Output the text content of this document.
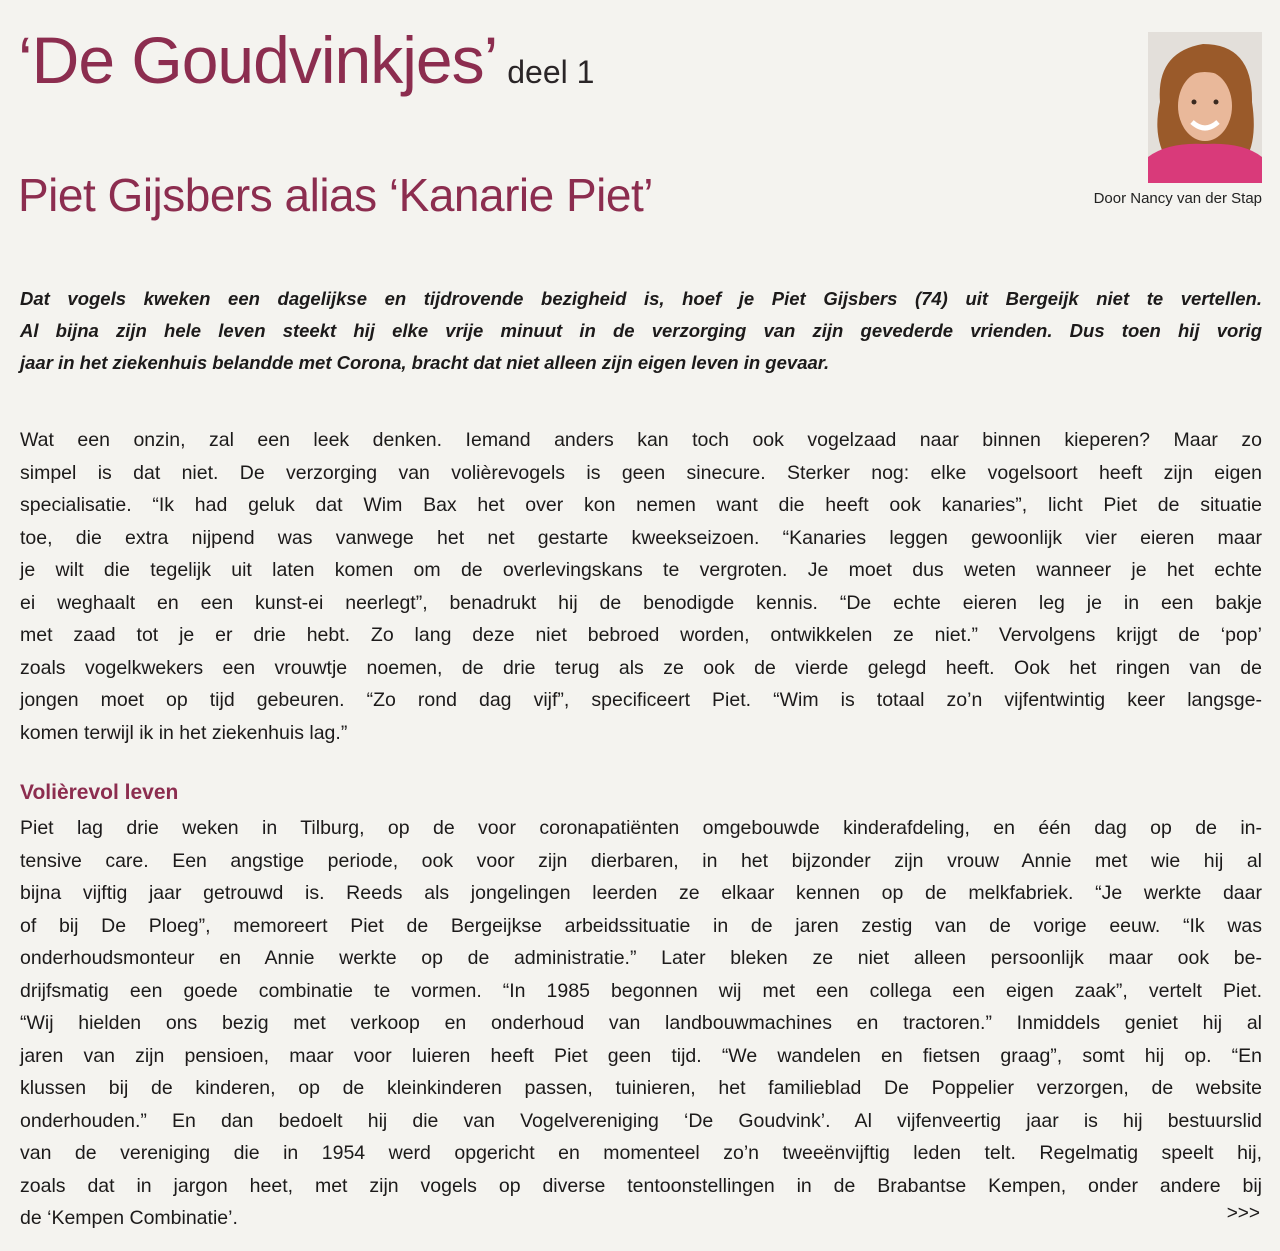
‘De Goudvinkjes’ deel 1
Piet Gijsbers alias ‘Kanarie Piet’	Door Nancy van der Stap
Dat vogels kweken een dagelijkse en tijdrovende bezigheid is, hoef je Piet Gijsbers (74) uit Bergeijk niet te vertellen.
Al bijna zijn hele leven steekt hij elke vrije minuut in de verzorging van zijn gevederde vrienden. Dus toen hij vorig
jaar in het ziekenhuis belandde met Corona, bracht dat niet alleen zijn eigen leven in gevaar.
Wat een onzin, zal een leek denken. Iemand anders kan toch ook vogelzaad naar binnen kieperen? Maar zo
simpel is dat niet. De verzorging van volièrevogels is geen sinecure. Sterker nog: elke vogelsoort heeft zijn eigen
specialisatie. “Ik had geluk dat Wim Bax het over kon nemen want die heeft ook kanaries”, licht Piet de situatie
toe, die extra nijpend was vanwege het net gestarte kweekseizoen. “Kanaries leggen gewoonlijk vier eieren maar
je wilt die tegelijk uit laten komen om de overlevingskans te vergroten. Je moet dus weten wanneer je het echte
ei weghaalt en een kunst-ei neerlegt”, benadrukt hij de benodigde kennis. “De echte eieren leg je in een bakje
met zaad tot je er drie hebt. Zo lang deze niet bebroed worden, ontwikkelen ze niet.” Vervolgens krijgt de ‘pop’
zoals vogelkwekers een vrouwtje noemen, de drie terug als ze ook de vierde gelegd heeft. Ook het ringen van de
jongen moet op tijd gebeuren. “Zo rond dag vijf”, specificeert Piet. “Wim is totaal zo’n vijfentwintig keer langsge-
komen terwijl ik in het ziekenhuis lag.”
Volièrevol leven
Piet lag drie weken in Tilburg, op de voor coronapatiënten omgebouwde kinderafdeling, en één dag op de in-
tensive care. Een angstige periode, ook voor zijn dierbaren, in het bijzonder zijn vrouw Annie met wie hij al
bijna vijftig jaar getrouwd is. Reeds als jongelingen leerden ze elkaar kennen op de melkfabriek. “Je werkte daar
of bij De Ploeg”, memoreert Piet de Bergeijkse arbeidssituatie in de jaren zestig van de vorige eeuw. “Ik was
onderhoudsmonteur en Annie werkte op de administratie.” Later bleken ze niet alleen persoonlijk maar ook be-
drijfsmatig een goede combinatie te vormen. “In 1985 begonnen wij met een collega een eigen zaak”, vertelt Piet.
“Wij hielden ons bezig met verkoop en onderhoud van landbouwmachines en tractoren.” Inmiddels geniet hij al
jaren van zijn pensioen, maar voor luieren heeft Piet geen tijd. “We wandelen en fietsen graag”, somt hij op. “En
klussen bij de kinderen, op de kleinkinderen passen, tuinieren, het familieblad De Poppelier verzorgen, de website
onderhouden.” En dan bedoelt hij die van Vogelvereniging ‘De Goudvink’. Al vijfenveertig jaar is hij bestuurslid
van de vereniging die in 1954 werd opgericht en momenteel zo’n tweeënvijftig leden telt. Regelmatig speelt hij,
zoals dat in jargon heet, met zijn vogels op diverse tentoonstellingen in de Brabantse Kempen, onder andere bij
de ‘Kempen Combinatie’.	>>>
